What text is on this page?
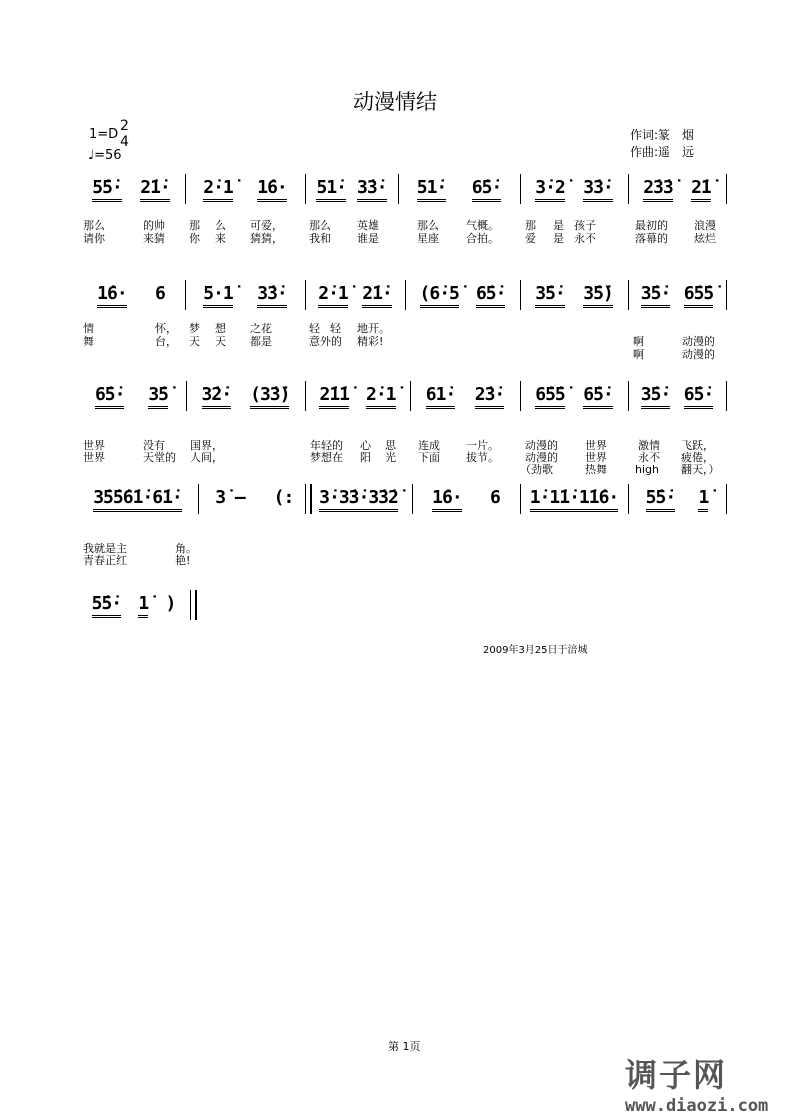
动漫情结
1=D
2
4
♩=56
作词:篆　烟
作曲:遥　远
5̇5̇· 2̇1̇· 2̇·1̇ 1̇6· 51̇· 3̇3̇· 51̇· 6̇5̇· 3̇·2̇ 3̇3̇· 2̇3̇3̇ 2̇1̇
1̇6· 6 5·1̇ 3̇3̇· 2̇·1̇ 2̇1̇· (6̇·5̇ 6̇5̇· 3̇5̇· 3̇5̇) 3̇5̇· 6̇5̇5̇
6̇5̇· 3̇5̇ 3̇2̇· (3̇3̇) 2̇1̇1̇ 2̇·1̇ 61̇· 2̇3̇· 6̇5̇5̇ 6̇5̇· 3̇5̇· 6̇5̇·
3̇5̇5̇6̇1̇·6̇1̇· 3̇ — (: 3̇·3̇3̇·3̇3̇2̇ 1̇6· 6 1̇·1̇1̇·1̇1̇6· 5̇5̇· 1̇
5̇5̇· 1̇ )
那么	的帅 那 么 可爱， 那么 英雄	那么 气概。 那 是 孩子	最初的 浪漫
请你	来猜 你 来 猜猜， 我和 谁是	星座 合拍。 爱 是 永不	落幕的 炫烂
情	怀， 梦 想 之花	轻 轻 地开。
舞	台， 天 天 都是	意外的 精彩!	啊	动漫的
啊	动漫的
世界	没有 国界，	年轻的 心 思 连成 一片。 动漫的 世界	激情 飞跃，
世界	天堂的 人间，	梦想在 阳 光 下面 拔节。 动漫的 世界	永不 疲倦，
（劲歌	热舞	high 翻天，）
我就是主	角。
青春正红	艳!
2009年3月25日于涪城
第 1页
调子网
www.diaozi.com
